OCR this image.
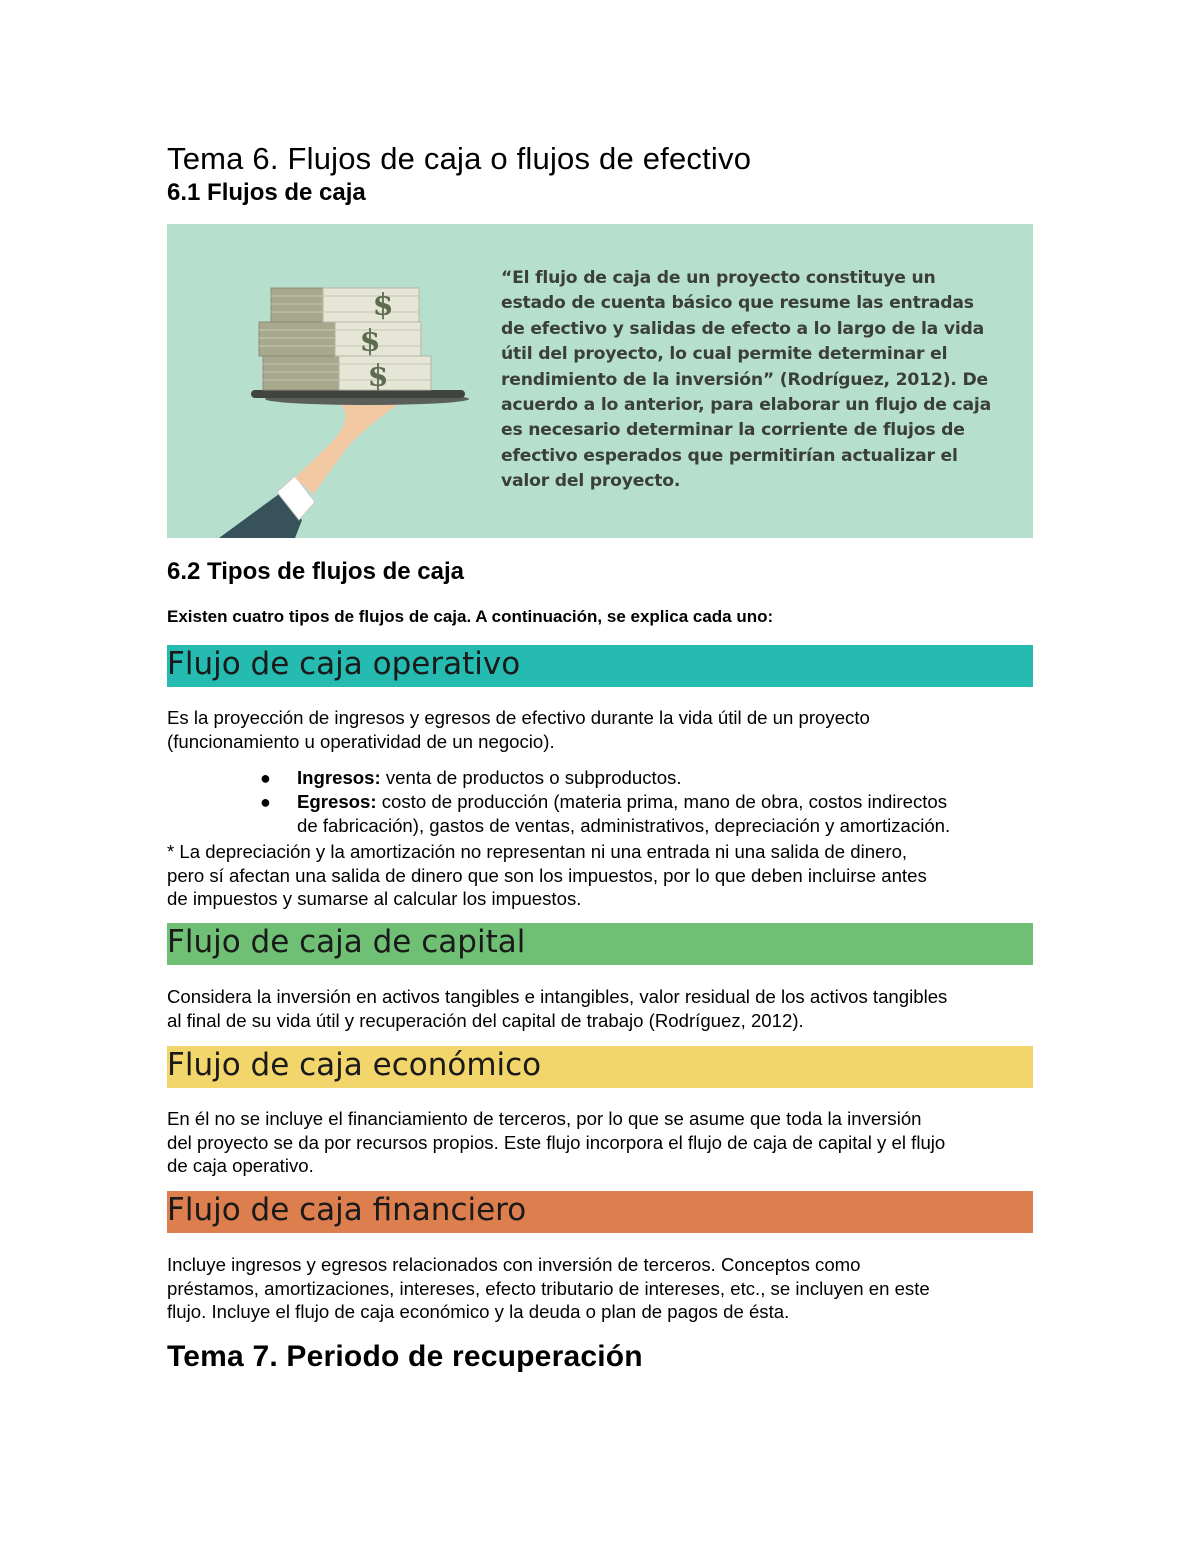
Tema 6. Flujos de caja o flujos de efectivo
6.1 Flujos de caja
$
$
$
“El flujo de caja de un proyecto constituye un
estado de cuenta básico que resume las entradas
de efectivo y salidas de efecto a lo largo de la vida
útil del proyecto, lo cual permite determinar el
rendimiento de la inversión” (Rodríguez, 2012). De
acuerdo a lo anterior, para elaborar un flujo de caja
es necesario determinar la corriente de flujos de
efectivo esperados que permitirían actualizar el
valor del proyecto.
6.2 Tipos de flujos de caja
Existen cuatro tipos de flujos de caja. A continuación, se explica cada uno:
Flujo de caja operativo
Es la proyección de ingresos y egresos de efectivo durante la vida útil de un proyecto
(funcionamiento u operatividad de un negocio).
● Ingresos: venta de productos o subproductos.
● Egresos: costo de producción (materia prima, mano de obra, costos indirectos
de fabricación), gastos de ventas, administrativos, depreciación y amortización.
* La depreciación y la amortización no representan ni una entrada ni una salida de dinero,
pero sí afectan una salida de dinero que son los impuestos, por lo que deben incluirse antes
de impuestos y sumarse al calcular los impuestos.
Flujo de caja de capital
Considera la inversión en activos tangibles e intangibles, valor residual de los activos tangibles
al final de su vida útil y recuperación del capital de trabajo (Rodríguez, 2012).
Flujo de caja económico
En él no se incluye el financiamiento de terceros, por lo que se asume que toda la inversión
del proyecto se da por recursos propios. Este flujo incorpora el flujo de caja de capital y el flujo
de caja operativo.
Flujo de caja financiero
Incluye ingresos y egresos relacionados con inversión de terceros. Conceptos como
préstamos, amortizaciones, intereses, efecto tributario de intereses, etc., se incluyen en este
flujo. Incluye el flujo de caja económico y la deuda o plan de pagos de ésta.
Tema 7. Periodo de recuperación
